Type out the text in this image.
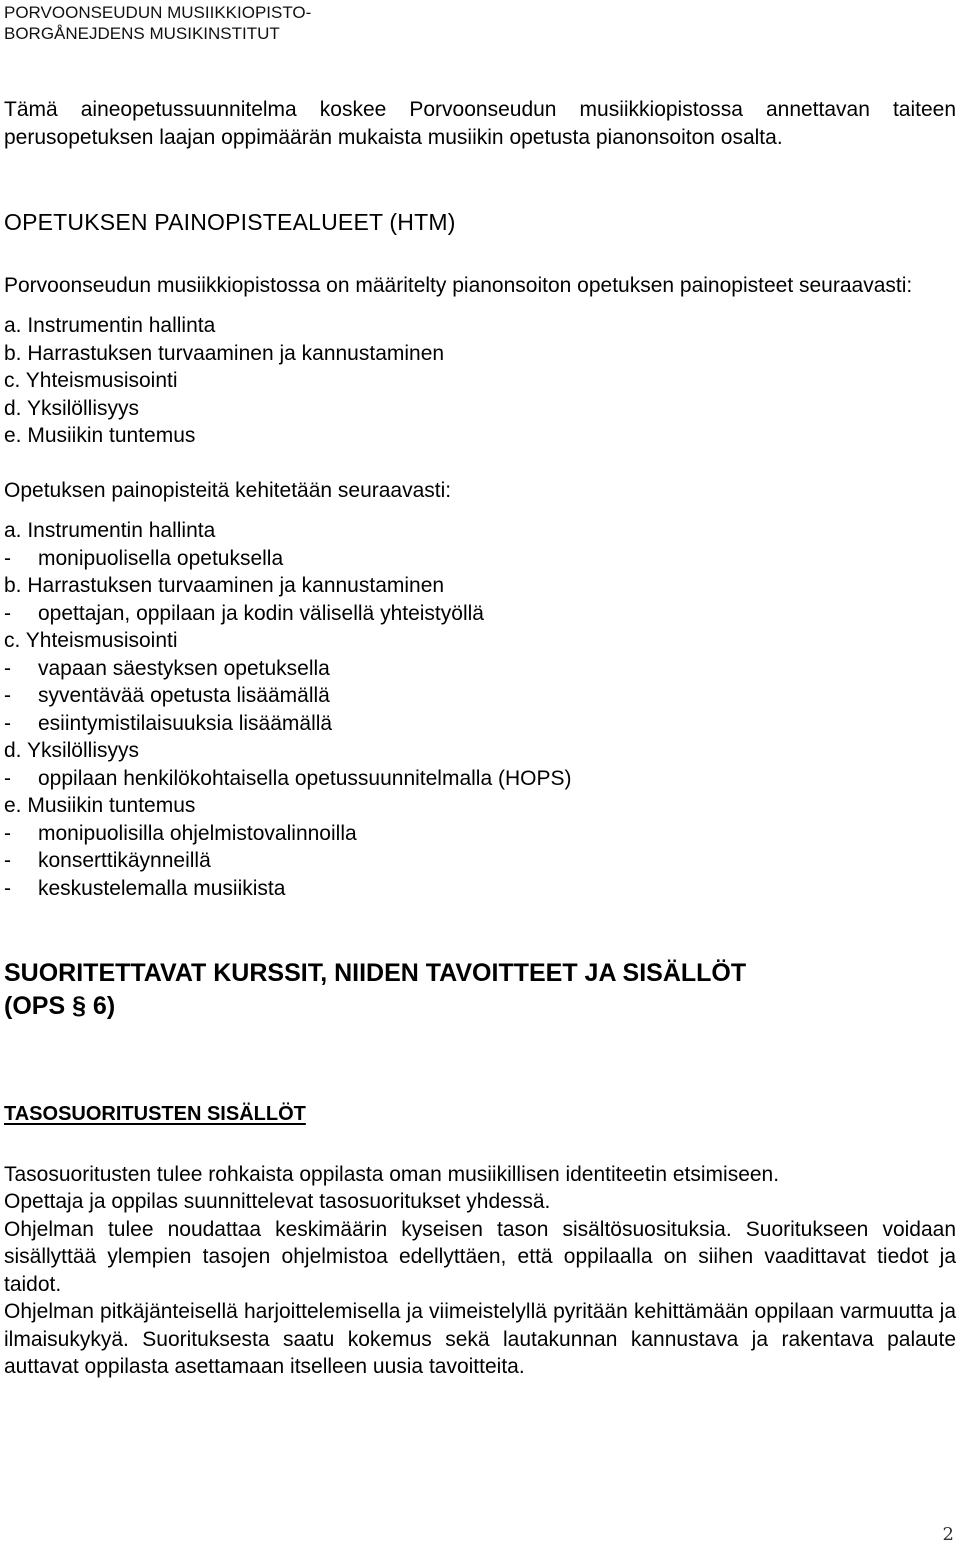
PORVOONSEUDUN MUSIIKKIOPISTO-
BORGÅNEJDENS MUSIKINSTITUT

Tämä aineopetussuunnitelma koskee Porvoonseudun musiikkiopistossa annettavan taiteen perusopetuksen laajan oppimäärän mukaista musiikin opetusta pianonsoiton osalta.

OPETUKSEN PAINOPISTEALUEET (HTM)

Porvoonseudun musiikkiopistossa on määritelty pianonsoiton opetuksen painopisteet seuraavasti:

a. Instrumentin hallinta
b. Harrastuksen turvaaminen ja kannustaminen
c. Yhteismusisointi
d. Yksilöllisyys
e. Musiikin tuntemus

Opetuksen painopisteitä kehitetään seuraavasti:

a. Instrumentin hallinta
- monipuolisella opetuksella
b. Harrastuksen turvaaminen ja kannustaminen
- opettajan, oppilaan ja kodin välisellä yhteistyöllä
c. Yhteismusisointi
- vapaan säestyksen opetuksella
- syventävää opetusta lisäämällä
- esiintymistilaisuuksia lisäämällä
d. Yksilöllisyys
- oppilaan henkilökohtaisella opetussuunnitelmalla (HOPS)
e. Musiikin tuntemus
- monipuolisilla ohjelmistovalinnoilla
- konserttikäynneillä
- keskustelemalla musiikista
SUORITETTAVAT KURSSIT, NIIDEN TAVOITTEET JA SISÄLLÖT
(OPS § 6)
TASOSUORITUSTEN SISÄLLÖT

Tasosuoritusten tulee rohkaista oppilasta oman musiikillisen identiteetin etsimiseen.

Opettaja ja oppilas suunnittelevat tasosuoritukset yhdessä.

Ohjelman tulee noudattaa keskimäärin kyseisen tason sisältösuosituksia. Suoritukseen voidaan sisällyttää ylempien tasojen ohjelmistoa edellyttäen, että oppilaalla on siihen vaadittavat tiedot ja taidot.

Ohjelman pitkäjänteisellä harjoittelemisella ja viimeistelyllä pyritään kehittämään oppilaan varmuutta ja ilmaisukykyä. Suorituksesta saatu kokemus sekä lautakunnan kannustava ja rakentava palaute auttavat oppilasta asettamaan itselleen uusia tavoitteita.

2
